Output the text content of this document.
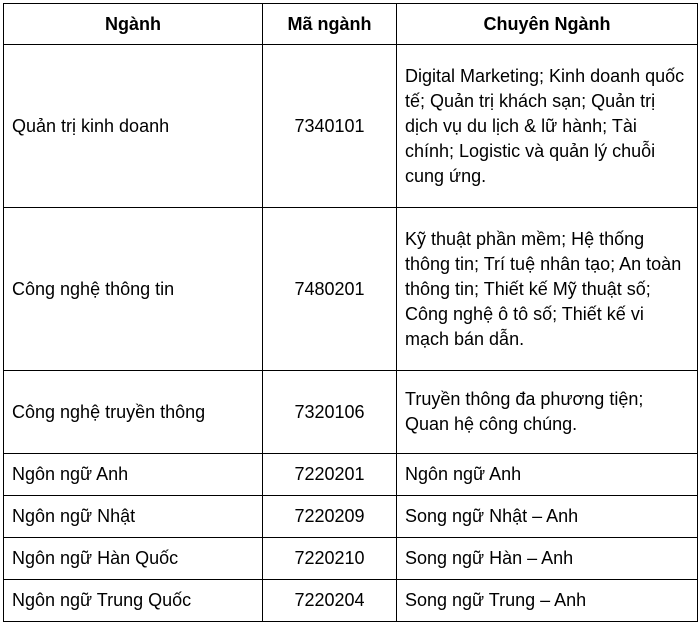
Ngành	Mã ngành	Chuyên Ngành
Quản trị kinh doanh	7340101	Digital Marketing; Kinh doanh quốc tế; Quản trị khách sạn; Quản trị dịch vụ du lịch & lữ hành; Tài chính; Logistic và quản lý chuỗi cung ứng.
Công nghệ thông tin	7480201	Kỹ thuật phần mềm; Hệ thống thông tin; Trí tuệ nhân tạo; An toàn thông tin; Thiết kế Mỹ thuật số; Công nghệ ô tô số; Thiết kế vi mạch bán dẫn.
Công nghệ truyền thông	7320106	Truyền thông đa phương tiện; Quan hệ công chúng.
Ngôn ngữ Anh	7220201	Ngôn ngữ Anh
Ngôn ngữ Nhật	7220209	Song ngữ Nhật – Anh
Ngôn ngữ Hàn Quốc	7220210	Song ngữ Hàn – Anh
Ngôn ngữ Trung Quốc	7220204	Song ngữ Trung – Anh
